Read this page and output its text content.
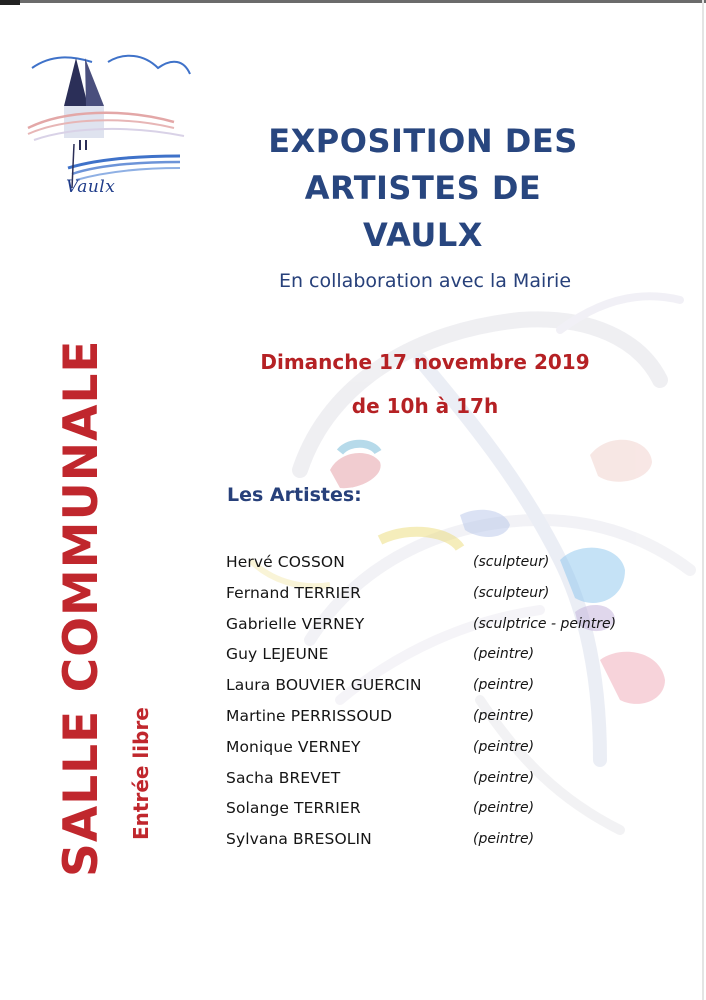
Vaulx
EXPOSITION DES
ARTISTES DE
VAULX
En collaboration avec la Mairie
Dimanche 17 novembre 2019
de 10h à 17h
SALLE COMMUNALE Entrée libre
Les Artistes:
Hervé COSSON	(sculpteur)
Fernand TERRIER	(sculpteur)
Gabrielle VERNEY	(sculptrice - peintre)
Guy LEJEUNE	(peintre)
Laura BOUVIER GUERCIN	(peintre)
Martine PERRISSOUD	(peintre)
Monique VERNEY	(peintre)
Sacha BREVET	(peintre)
Solange TERRIER	(peintre)
Sylvana BRESOLIN	(peintre)
